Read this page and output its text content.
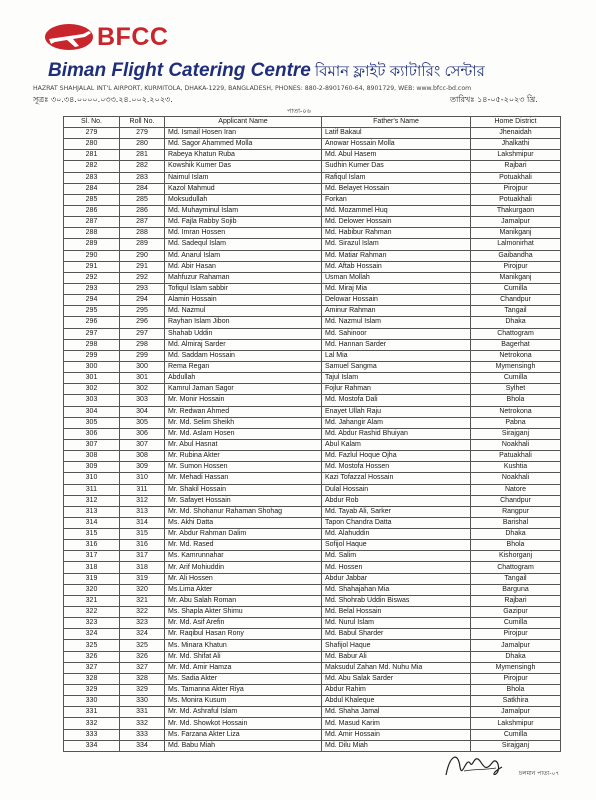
BFCC
Biman Flight Catering Centre বিমান ফ্লাইট ক্যাটারিং সেন্টার
HAZRAT SHAHJALAL INT'L AIRPORT, KURMITOLA, DHAKA-1229, BANGLADESH, PHONES: 880-2-8901760-64, 8901729, WEB: www.bfcc-bd.com
সূত্রঃ ৩০.৩৪.০০০০.০৩৩.২৪.০০২.২০২৩.	তারিখঃ ১৪-০৫-২০২৩ খ্রি.
পাতা-০৬
Sl. No.	Roll No.	Applicant Name	Father's Name	Home District
279	279	Md. Ismail Hosen Iran	Latif Bakaul	Jhenaidah
280	280	Md. Sagor Ahammed Molla	Anowar Hossain Molla	Jhalkathi
281	281	Rabeya Khatun Ruba	Md. Abul Hasem	Lakshmipur
282	282	Kowshik Kumer Das	Sudhin Kumer Das	Rajbari
283	283	Naimul Islam	Rafiqul Islam	Potuakhali
284	284	Kazol Mahmud	Md. Belayet Hossain	Pirojpur
285	285	Moksudullah	Forkan	Potuakhali
286	286	Md. Muhayminul Islam	Md. Mozammel Huq	Thakurgaon
287	287	Md. Fajla Rabby Sojib	Md. Delower Hossain	Jamalpur
288	288	Md. Imran Hossen	Md. Habibur Rahman	Manikganj
289	289	Md. Sadequl Islam	Md. Sirazul Islam	Lalmonirhat
290	290	Md. Anarul Islam	Md. Matiar Rahman	Gaibandha
291	291	Md. Abir Hasan	Md. Aftab Hossain	Pirojpur
292	292	Mahfuzur Rahaman	Usman Mollah	Manikganj
293	293	Tofiqul Islam sabbir	Md. Miraj Mia	Cumilla
294	294	Alamin Hossain	Delowar Hossain	Chandpur
295	295	Md. Nazmul	Aminur Rahman	Tangail
296	296	Rayhan Islam Jibon	Md. Nazmul Islam	Dhaka
297	297	Shahab Uddin	Md. Sahinoor	Chattogram
298	298	Md. Almiraj Sarder	Md. Hannan Sarder	Bagerhat
299	299	Md. Saddam Hossain	Lal Mia	Netrokona
300	300	Rema Regan	Samuel Sangma	Mymensingh
301	301	Abdullah	Tajul Islam	Cumilla
302	302	Kamrul Jaman Sagor	Fojlur Rahman	Sylhet
303	303	Mr. Monir Hossain	Md. Mostofa Dali	Bhola
304	304	Mr. Redwan Ahmed	Enayet Ullah Raju	Netrokona
305	305	Mr. Md. Selim Sheikh	Md. Jahangir Alam	Pabna
306	306	Mr. Md. Aslam Hosen	Md. Abdur Rashid Bhuiyan	Sirajganj
307	307	Mr. Abul Hasnat	Abul Kalam	Noakhali
308	308	Mr. Rubina Akter	Md. Fazlul Hoque Ojha	Patuakhali
309	309	Mr. Sumon Hossen	Md. Mostofa Hossen	Kushtia
310	310	Mr. Mehadi Hassan	Kazi Tofazzal Hossain	Noakhali
311	311	Mr. Shakil Hossain	Dulal Hossain	Natore
312	312	Mr. Safayet Hossain	Abdur Rob	Chandpur
313	313	Mr. Md. Shohanur Rahaman Shohag	Md. Tayab Ali, Sarker	Rangpur
314	314	Ms. Akhi Datta	Tapon Chandra Datta	Barishal
315	315	Mr. Abdur Rahman Dalim	Md. Alahuddin	Dhaka
316	316	Mr. Md. Rased	Sofijol Haque	Bhola
317	317	Ms. Kamrunnahar	Md. Salim	Kishorganj
318	318	Mr. Arif Mohiuddin	Md. Hossen	Chattogram
319	319	Mr. Ali Hossen	Abdur Jabbar	Tangail
320	320	Ms.Lima Akter	Md. Shahajahan Mia	Barguna
321	321	Mr. Abu Salah Roman	Md. Shohrab Uddin Biswas	Rajbari
322	322	Ms. Shapla Akter Shimu	Md. Belal Hossain	Gazipur
323	323	Mr. Md. Asif Arefin	Md. Nurul Islam	Cumilla
324	324	Mr. Raqibul Hasan Rony	Md. Babul Sharder	Pirojpur
325	325	Ms. Minara Khatun	Shafijol Haque	Jamalpur
326	326	Mr. Md. Shifat Ali	Md. Babur Ali	Dhaka
327	327	Mr. Md. Amir Hamza	Maksudul Zahan Md. Nuhu Mia	Mymensingh
328	328	Ms. Sadia Akter	Md. Abu Salak Sarder	Pirojpur
329	329	Ms. Tamanna Akter Riya	Abdur Rahim	Bhola
330	330	Ms. Monira Kusum	Abdul Khaleque	Satkhira
331	331	Mr. Md. Ashraful Islam	Md. Shaha Jamal	Jamalpur
332	332	Mr. Md. Showkot Hossain	Md. Masud Karim	Lakshmipur
333	333	Ms. Farzana Akter Liza	Md. Amir Hossain	Cumilla
334	334	Md. Babu Miah	Md. Dilu Miah	Sirajganj
চলমান পাতা-০৭
